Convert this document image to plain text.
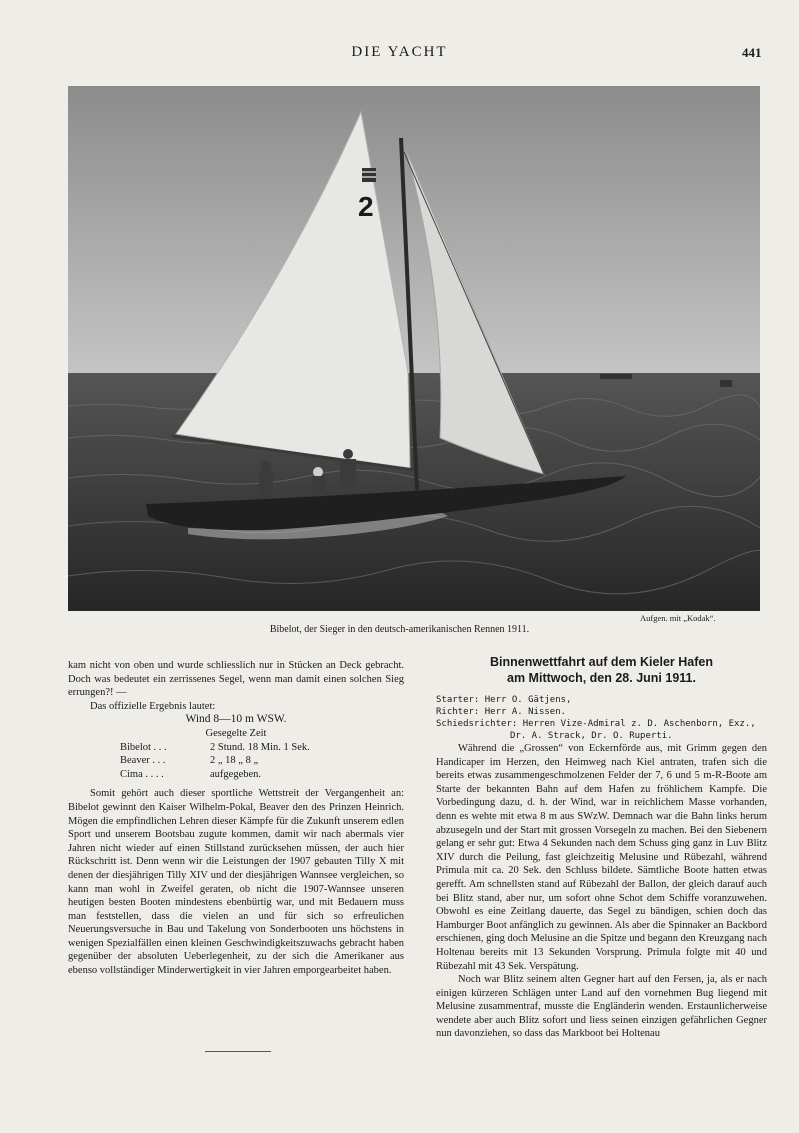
DIE YACHT	441
2
Aufgen. mit „Kodak“.
Bibelot, der Sieger in den deutsch-amerikanischen Rennen 1911.

kam nicht von oben und wurde schliesslich nur in Stücken an Deck gebracht. Doch was bedeutet ein zerrissenes Segel, wenn man damit einen solchen Sieg errungen?! —

Das offizielle Ergebnis lautet:

Wind 8—10 m WSW.

Gesegelte Zeit

Bibelot . . .	2 Stund. 18 Min. 1 Sek.
Beaver . . .	2 „ 18 „ 8 „
Cima . . . .	aufgegeben.

Somit gehört auch dieser sportliche Wettstreit der Vergangenheit an: Bibelot gewinnt den Kaiser Wilhelm-Pokal, Beaver den des Prinzen Heinrich. Mögen die empfindlichen Lehren dieser Kämpfe für die Zukunft unserem edlen Sport und unserem Bootsbau zugute kommen, damit wir nach abermals vier Jahren nicht wieder auf einen Stillstand zurücksehen müssen, der auch hier Rückschritt ist. Denn wenn wir die Leistungen der 1907 gebauten Tilly X mit denen der diesjährigen Tilly XIV und der diesjährigen Wannsee vergleichen, so kann man wohl in Zweifel geraten, ob nicht die 1907-Wannsee unseren heutigen besten Booten mindestens ebenbürtig war, und mit Bedauern muss man feststellen, dass die vielen an und für sich so erfreulichen Neuerungsversuche in Bau und Takelung von Sonderbooten uns höchstens in wenigen Spezialfällen einen kleinen Geschwindigkeitszuwachs gebracht haben gegenüber der absoluten Ueberlegenheit, zu der sich die Amerikaner aus ebenso vollständiger Minderwertigkeit in vier Jahren emporgearbeitet haben.

Binnenwettfahrt auf dem Kieler Hafen
am Mittwoch, den 28. Juni 1911.

Starter: Herr O. Gätjens,

Richter: Herr A. Nissen.

Schiedsrichter: Herren Vize-Admiral z. D. Aschenborn, Exz.,

Dr. A. Strack, Dr. O. Ruperti.

Während die „Grossen“ von Eckernförde aus, mit Grimm gegen den Handicaper im Herzen, den Heimweg nach Kiel antraten, trafen sich die bereits etwas zusammengeschmolzenen Felder der 7, 6 und 5 m-R-Boote am Starte der bekannten Bahn auf dem Hafen zu fröhlichem Kampfe. Die Vorbedingung dazu, d. h. der Wind, war in reichlichem Masse vorhanden, denn es wehte mit etwa 8 m aus SWzW. Demnach war die Bahn links herum abzusegeln und der Start mit grossen Vorsegeln zu machen. Bei den Siebenern gelang er sehr gut: Etwa 4 Sekunden nach dem Schuss ging ganz in Luv Blitz XIV durch die Peilung, fast gleichzeitig Melusine und Rübezahl, während Primula mit ca. 20 Sek. den Schluss bildete. Sämtliche Boote hatten etwas gerefft. Am schnellsten stand auf Rübezahl der Ballon, der gleich darauf auch bei Blitz stand, aber nur, um sofort ohne Schot dem Schiffe voranzuwehen. Obwohl es eine Zeitlang dauerte, das Segel zu bändigen, schien doch das Hamburger Boot anfänglich zu gewinnen. Als aber die Spinnaker an Backbord erschienen, ging doch Melusine an die Spitze und begann den Kreuzgang nach Holtenau bereits mit 13 Sekunden Vorsprung. Primula folgte mit 40 und Rübezahl mit 43 Sek. Verspätung.

Noch war Blitz seinem alten Gegner hart auf den Fersen, ja, als er nach einigen kürzeren Schlägen unter Land auf den vornehmen Bug liegend mit Melusine zusammentraf, musste die Engländerin wenden. Erstaunlicherweise wendete aber auch Blitz sofort und liess seinen einzigen gefährlichen Gegner nun davonziehen, so dass das Markboot bei Holtenau
